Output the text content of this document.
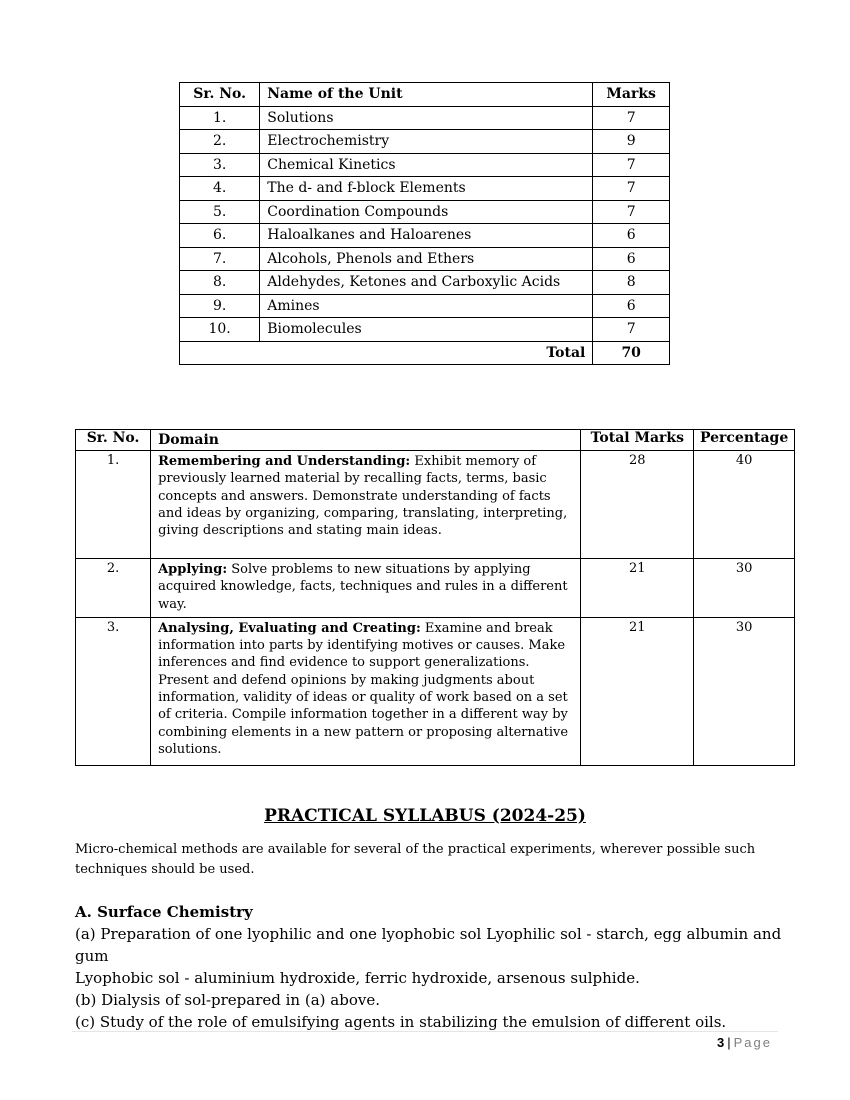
Sr. No.	Name of the Unit	Marks
1.	Solutions	7
2.	Electrochemistry	9
3.	Chemical Kinetics	7
4.	The d- and f-block Elements	7
5.	Coordination Compounds	7
6.	Haloalkanes and Haloarenes	6
7.	Alcohols, Phenols and Ethers	6
8.	Aldehydes, Ketones and Carboxylic Acids	8
9.	Amines	6
10.	Biomolecules	7
Total		70
Sr. No.	Domain	Total Marks	Percentage
1.	Remembering and Understanding: Exhibit memory of previously learned material by recalling facts, terms, basic concepts and answers. Demonstrate understanding of facts and ideas by organizing, comparing, translating, interpreting, giving descriptions and stating main ideas.	28	40
2.	Applying: Solve problems to new situations by applying acquired knowledge, facts, techniques and rules in a different way.	21	30
3.	Analysing, Evaluating and Creating: Examine and break information into parts by identifying motives or causes. Make inferences and find evidence to support generalizations. Present and defend opinions by making judgments about information, validity of ideas or quality of work based on a set of criteria. Compile information together in a different way by combining elements in a new pattern or proposing alternative solutions.	21	30
PRACTICAL SYLLABUS (2024-25)
Micro-chemical methods are available for several of the practical experiments, wherever possible such techniques should be used.
A. Surface Chemistry
(a) Preparation of one lyophilic and one lyophobic sol Lyophilic sol - starch, egg albumin and gum
Lyophobic sol - aluminium hydroxide, ferric hydroxide, arsenous sulphide.
(b) Dialysis of sol-prepared in (a) above.
(c) Study of the role of emulsifying agents in stabilizing the emulsion of different oils.
3 | Page
